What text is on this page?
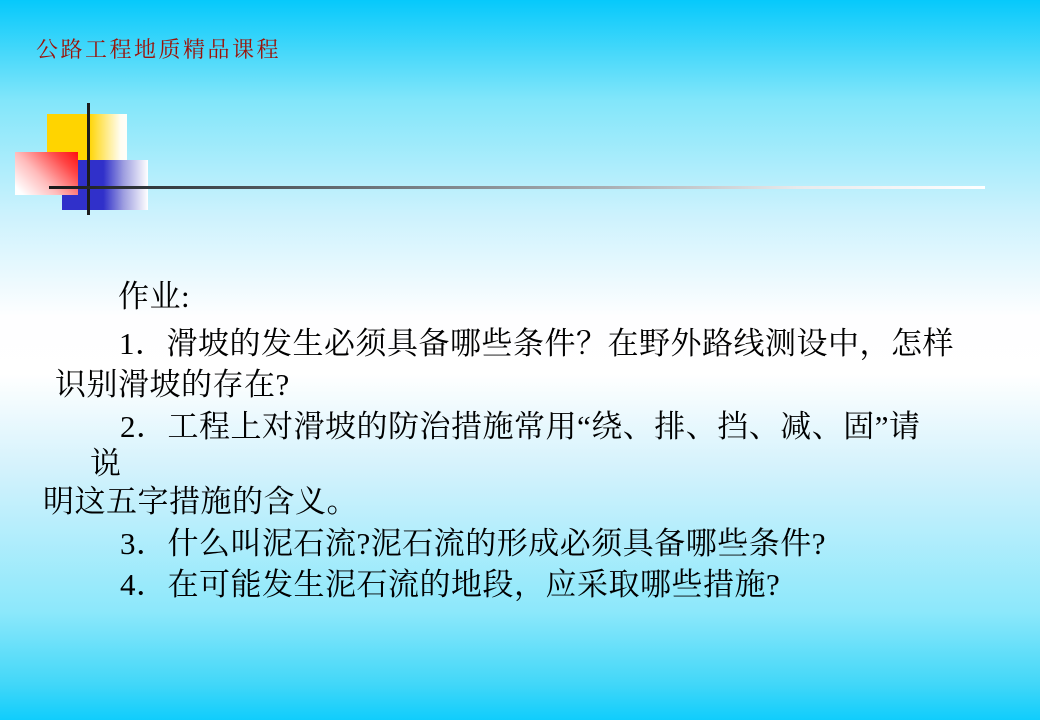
公路工程地质精品课程
作业:
1．滑坡的发生必须具备哪些条件？在野外路线测设中，怎样
识别滑坡的存在?
2．工程上对滑坡的防治措施常用“绕、排、挡、减、固”请
说
明这五字措施的含义。
3．什么叫泥石流?泥石流的形成必须具备哪些条件?
4．在可能发生泥石流的地段，应采取哪些措施?
